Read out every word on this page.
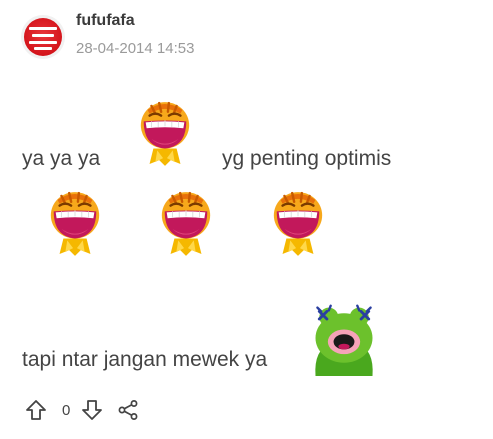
fufufafa
28-04-2014 14:53
ya ya ya	yg penting optimis
tapi ntar jangan mewek ya
0
